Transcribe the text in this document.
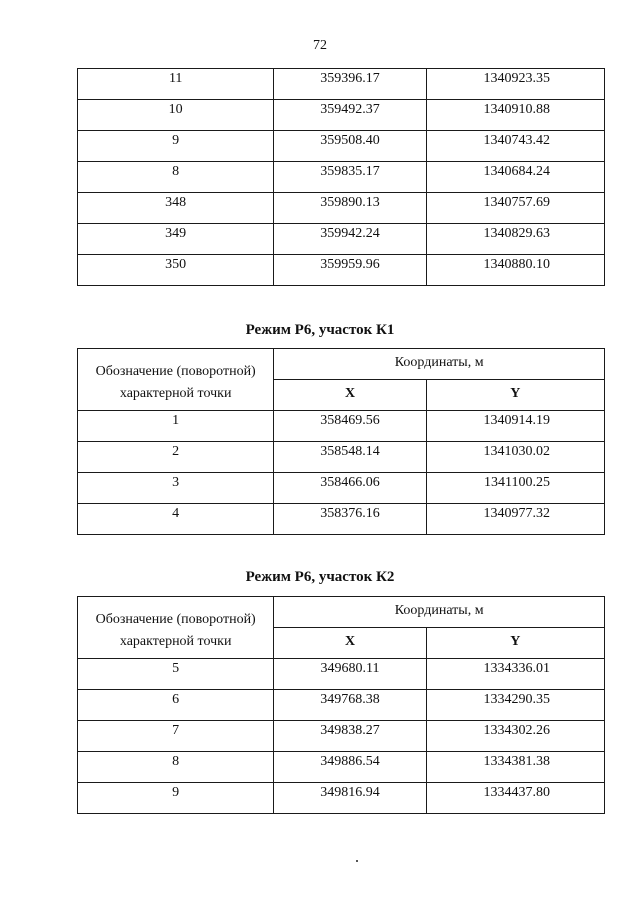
72
11	359396.17	1340923.35
10	359492.37	1340910.88
9	359508.40	1340743.42
8	359835.17	1340684.24
348	359890.13	1340757.69
349	359942.24	1340829.63
350	359959.96	1340880.10
Режим Р6, участок К1
Обозначение (поворотной) характерной точки	Координаты, м	
	X	Y
1	358469.56	1340914.19
2	358548.14	1341030.02
3	358466.06	1341100.25
4	358376.16	1340977.32
Режим Р6, участок К2
Обозначение (поворотной) характерной точки	Координаты, м	
	X	Y
5	349680.11	1334336.01
6	349768.38	1334290.35
7	349838.27	1334302.26
8	349886.54	1334381.38
9	349816.94	1334437.80
